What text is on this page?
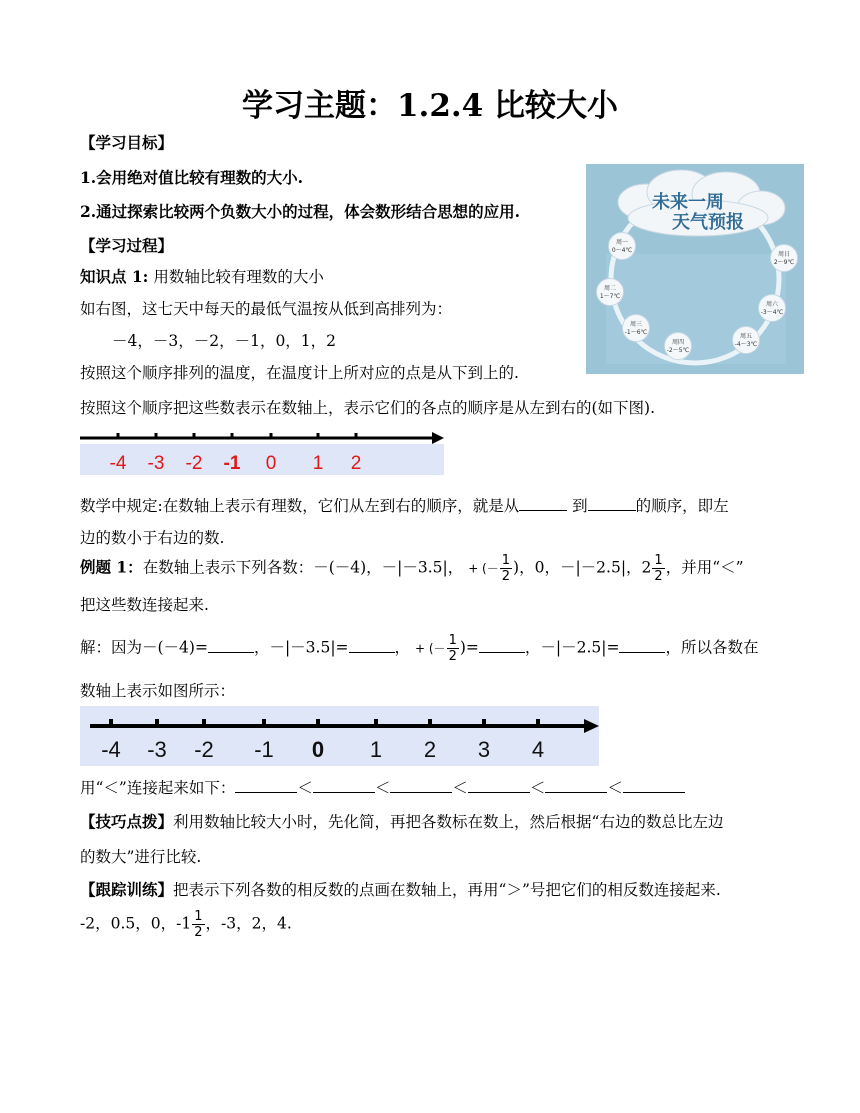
学习主题：1.2.4 比较大小
【学习目标】
1.会用绝对值比较有理数的大小.
2.通过探索比较两个负数大小的过程，体会数形结合思想的应用.
【学习过程】
知识点 1: 用数轴比较有理数的大小
如右图，这七天中每天的最低气温按从低到高排列为：
－4，－3，－2，－1，0，1，2
按照这个顺序排列的温度，在温度计上所对应的点是从下到上的.
按照这个顺序把这些数表示在数轴上，表示它们的各点的顺序是从左到右的(如下图).
未来一周
天气预报
周一
0～4℃
周二
1～7℃
周三
-1～6℃
周四
-2～5℃
周五
-4～3℃
周六
-3～4℃
周日
2～9℃
-4 -3 -2 -1 0 1 2
数学中规定:在数轴上表示有理数，它们从左到右的顺序，就是从	到	的顺序，即左
边的数小于右边的数.
例题 1：在数轴上表示下列各数：－(－4)，－|－3.5|， + (－ $\frac{1}{2}$ )，0，－|－2.5|，$2 \frac{1}{2}$ ，并用“＜”
把这些数连接起来.
解：因为－(－4)=	，－|－3.5|=	， + (－ $\frac{1}{2}$ )=	，－|－2.5|=	，所以各数在
数轴上表示如图所示：
-4 -3 -2 -1 0 1 2 3 4
用“＜”连接起来如下：	＜	＜	＜	＜	＜
【技巧点拨】利用数轴比较大小时，先化简，再把各数标在数上，然后根据“右边的数总比左边
的数大”进行比较.
【跟踪训练】把表示下列各数的相反数的点画在数轴上，再用“＞”号把它们的相反数连接起来.
-2，0.5，0，$-1 \frac{1}{2}$ ，-3，2，4.
